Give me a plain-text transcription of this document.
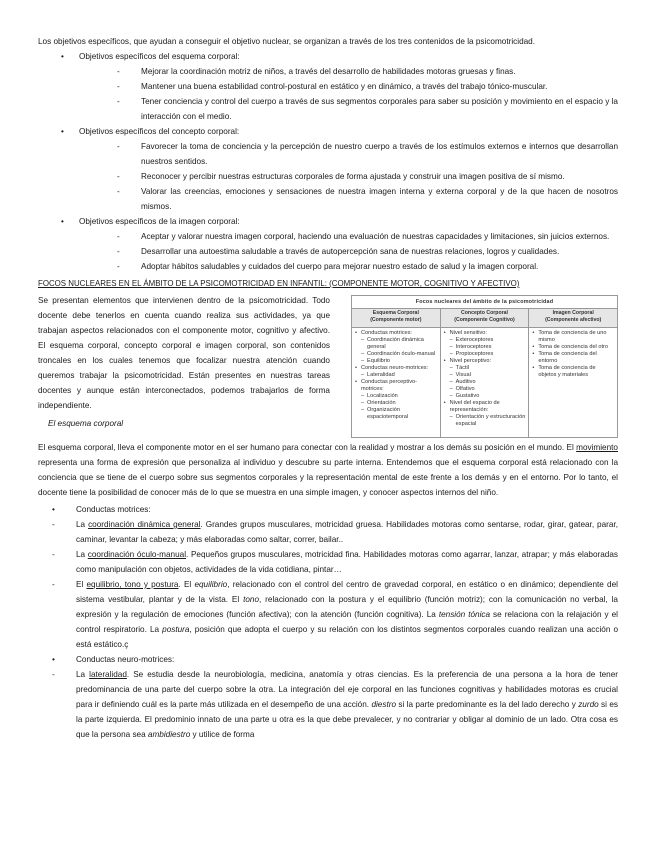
Los objetivos específicos, que ayudan a conseguir el objetivo nuclear, se organizan a través de los tres contenidos de la psicomotricidad.

• Objetivos específicos del esquema corporal:
- Mejorar la coordinación motriz de niños, a través del desarrollo de habilidades motoras gruesas y finas.
- Mantener una buena estabilidad control-postural en estático y en dinámico, a través del trabajo tónico-muscular.
- Tener conciencia y control del cuerpo a través de sus segmentos corporales para saber su posición y movimiento en el espacio y la interacción con el medio.
• Objetivos específicos del concepto corporal:
- Favorecer la toma de conciencia y la percepción de nuestro cuerpo a través de los estímulos externos e internos que desarrollan nuestros sentidos.
- Reconocer y percibir nuestras estructuras corporales de forma ajustada y construir una imagen positiva de sí mismo.
- Valorar las creencias, emociones y sensaciones de nuestra imagen interna y externa corporal y de la que hacen de nosotros mismos.
• Objetivos específicos de la imagen corporal:
- Aceptar y valorar nuestra imagen corporal, haciendo una evaluación de nuestras capacidades y limitaciones, sin juicios externos.
- Desarrollar una autoestima saludable a través de autopercepción sana de nuestras relaciones, logros y cualidades.
- Adoptar hábitos saludables y cuidados del cuerpo para mejorar nuestro estado de salud y la imagen corporal.

FOCOS NUCLEARES EN EL ÁMBITO DE LA PSICOMOTRICIDAD EN INFANTIL: (COMPONENTE MOTOR, COGNITIVO Y AFECTIVO)

Se presentan elementos que intervienen dentro de la psicomotricidad. Todo docente debe tenerlos en cuenta cuando realiza sus actividades, ya que trabajan aspectos relacionados con el componente motor, cognitivo y afectivo. El esquema corporal, concepto corporal e imagen corporal, son contenidos troncales en los cuales tenemos que focalizar nuestra atención cuando queremos trabajar la psicomotricidad. Están presentes en nuestras tareas docentes y aunque están interconectados, podemos trabajarlos de forma independiente.

El esquema corporal

Focos nucleares del ámbito de la psicomotricidad
Esquema Corporal
(Componente motor)
• Conductas motrices:
– Coordinación dinámica general
– Coordinación óculo-manual
– Equilibrio
• Conductas neuro-motrices:
– Lateralidad
• Conductas perceptivo-motrices:
– Localización
– Orientación
– Organización espaciotemporal
Concepto Corporal
(Componente Cognitivo)
• Nivel sensitivo:
– Exteroceptores
– Interoceptores
– Propioceptores
• Nivel perceptivo:
– Táctil
– Visual
– Auditivo
– Olfativo
– Gustativo
• Nivel del espacio de representación:
– Orientación y estructuración espacial
Imagen Corporal
(Componente afectivo)
• Toma de conciencia de uno mismo
• Toma de conciencia del otro
• Toma de conciencia del entorno
• Toma de conciencia de objetos y materiales

El esquema corporal, lleva el componente motor en el ser humano para conectar con la realidad y mostrar a los demás su posición en el mundo. El movimiento representa una forma de expresión que personaliza al individuo y descubre su parte interna. Entendemos que el esquema corporal está relacionado con la conciencia que se tiene de el cuerpo sobre sus segmentos corporales y la representación mental de este frente a los demás y en el entorno. Por lo tanto, el docente tiene la posibilidad de conocer más de lo que se muestra en una simple imagen, y conocer aspectos internos del niño.

• Conductas motrices:
- La coordinación dinámica general. Grandes grupos musculares, motricidad gruesa. Habilidades motoras como sentarse, rodar, girar, gatear, parar, caminar, levantar la cabeza; y más elaboradas como saltar, correr, bailar..
- La coordinación óculo-manual. Pequeños grupos musculares, motricidad fina. Habilidades motoras como agarrar, lanzar, atrapar; y más elaboradas como manipulación con objetos, actividades de la vida cotidiana, pintar…
- El equilibrio, tono y postura. El equilibrio, relacionado con el control del centro de gravedad corporal, en estático o en dinámico; dependiente del sistema vestibular, plantar y de la vista. El tono, relacionado con la postura y el equilibrio (función motriz); con la comunicación no verbal, la expresión y la regulación de emociones (función afectiva); con la atención (función cognitiva). La tensión tónica se relaciona con la relajación y el control respiratorio. La postura, posición que adopta el cuerpo y su relación con los distintos segmentos corporales cuando realizan una acción o está estático.ç
• Conductas neuro-motrices:
- La lateralidad. Se estudia desde la neurobiología, medicina, anatomía y otras ciencias. Es la preferencia de una persona a la hora de tener predominancia de una parte del cuerpo sobre la otra. La integración del eje corporal en las funciones cognitivas y habilidades motoras es crucial para ir definiendo cuál es la parte más utilizada en el desempeño de una acción. diestro si la parte predominante es la del lado derecho y zurdo si es la parte izquierda. El predominio innato de una parte u otra es la que debe prevalecer, y no contrariar y obligar al dominio de un lado. Otra cosa es que la persona sea ambidiestro y utilice de forma
